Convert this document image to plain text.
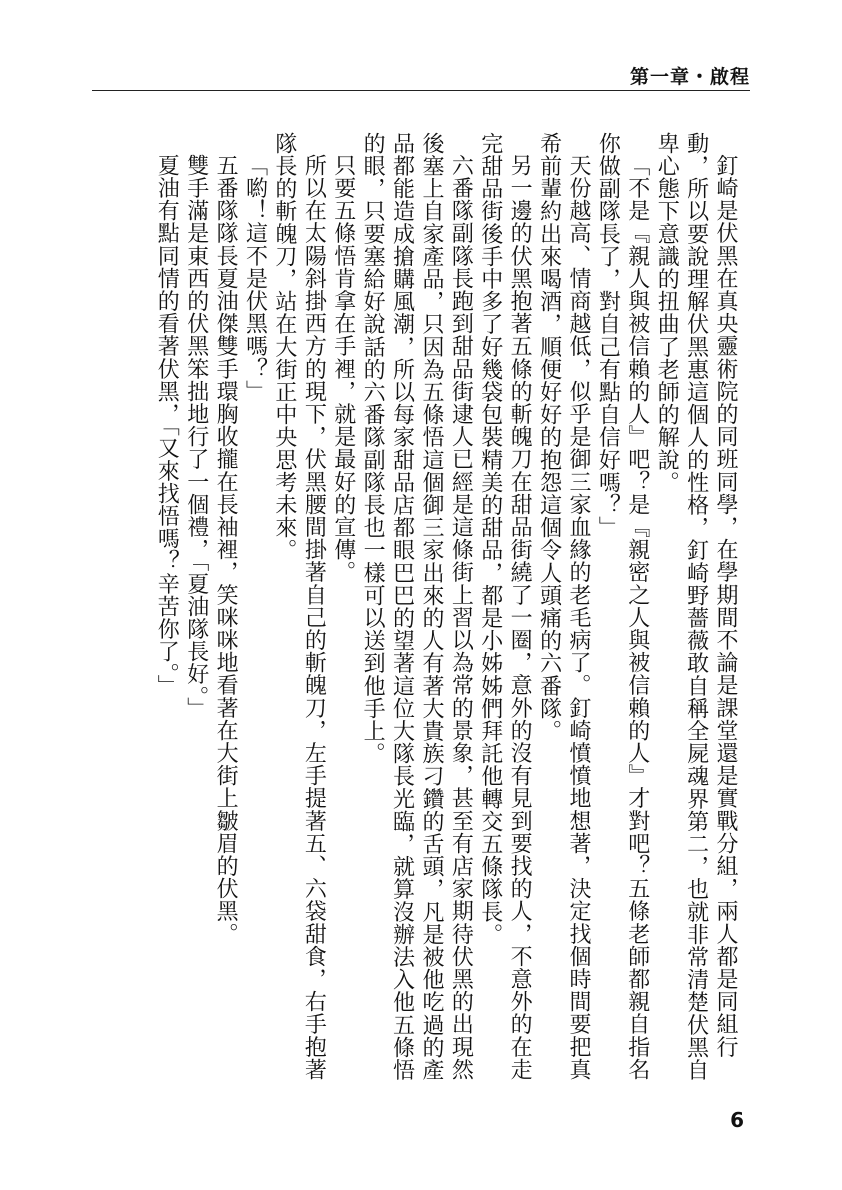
第一章・啟程

釘崎是伏黑在真央靈術院的同班同學，在學期間不論是課堂還是實戰分組，兩人都是同組行動，所以要說理解伏黑惠這個人的性格，釘崎野薔薇敢自稱全屍魂界第二，也就非常清楚伏黑自卑心態下意識的扭曲了老師的解說。

「不是『親人與被信賴的人』吧？是『親密之人與被信賴的人』才對吧？五條老師都親自指名你做副隊長了，對自己有點自信好嗎？」

天份越高、情商越低，似乎是御三家血緣的老毛病了。釘崎憤憤地想著，決定找個時間要把真希前輩約出來喝酒，順便好好的抱怨這個令人頭痛的六番隊。

另一邊的伏黑抱著五條的斬魄刀在甜品街繞了一圈，意外的沒有見到要找的人，不意外的在走完甜品街後手中多了好幾袋包裝精美的甜品，都是小姊姊們拜託他轉交五條隊長。

六番隊副隊長跑到甜品街逮人已經是這條街上習以為常的景象，甚至有店家期待伏黑的出現然後塞上自家產品，只因為五條悟這個御三家出來的人有著大貴族刁鑽的舌頭，凡是被他吃過的產品都能造成搶購風潮，所以每家甜品店都眼巴巴的望著這位大隊長光臨，就算沒辦法入他五條悟的眼，只要塞給好說話的六番隊副隊長也一樣可以送到他手上。

只要五條悟肯拿在手裡，就是最好的宣傳。

所以在太陽斜掛西方的現下，伏黑腰間掛著自己的斬魄刀，左手提著五、六袋甜食，右手抱著隊長的斬魄刀，站在大街正中央思考未來。

「喲！這不是伏黑嗎？」

五番隊隊長夏油傑雙手環胸收攏在長袖裡，笑咪咪地看著在大街上皺眉的伏黑。

雙手滿是東西的伏黑笨拙地行了一個禮，「夏油隊長好。」

夏油有點同情的看著伏黑，「又來找悟嗎？辛苦你了。」

6
